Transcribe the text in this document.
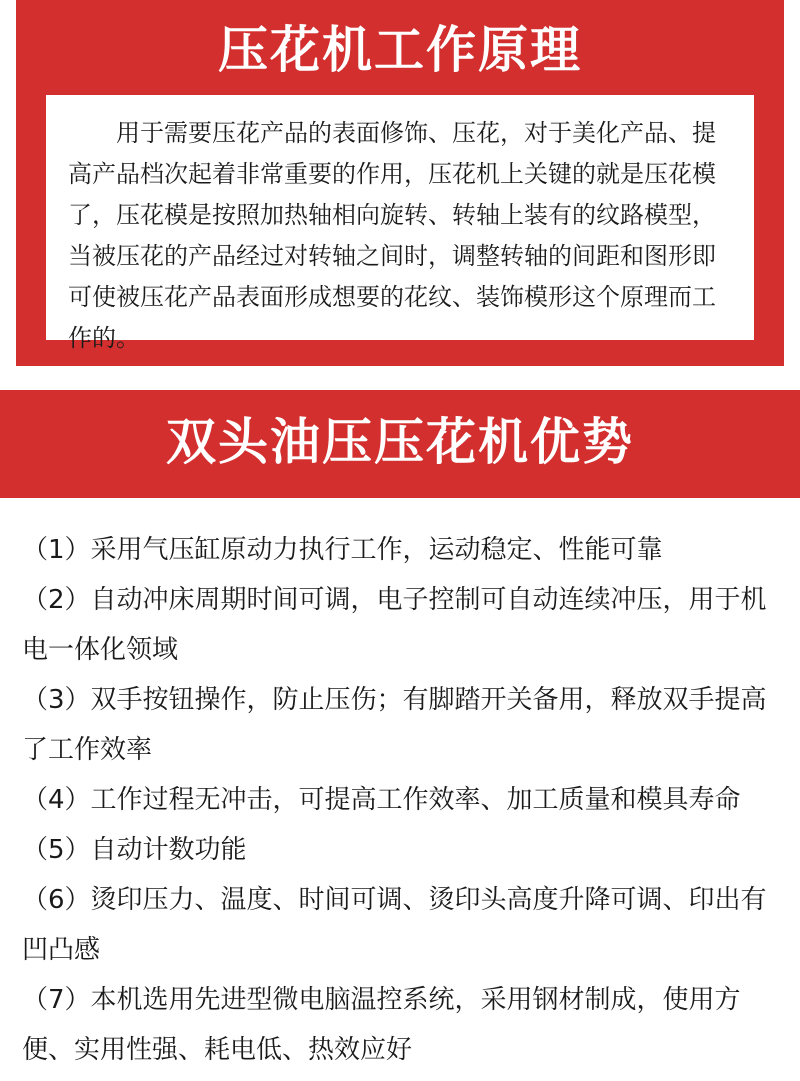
压花机工作原理

用于需要压花产品的表面修饰、压花，对于美化产品、提高产品档次起着非常重要的作用，压花机上关键的就是压花模了，压花模是按照加热轴相向旋转、转轴上装有的纹路模型，当被压花的产品经过对转轴之间时，调整转轴的间距和图形即可使被压花产品表面形成想要的花纹、装饰模形这个原理而工作的。

双头油压压花机优势
（1）采用气压缸原动力执行工作，运动稳定、性能可靠
（2）自动冲床周期时间可调，电子控制可自动连续冲压，用于机电一体化领域
（3）双手按钮操作，防止压伤；有脚踏开关备用，释放双手提高了工作效率
（4）工作过程无冲击，可提高工作效率、加工质量和模具寿命
（5）自动计数功能
（6）烫印压力、温度、时间可调、烫印头高度升降可调、印出有凹凸感
（7）本机选用先进型微电脑温控系统，采用钢材制成，使用方便、实用性强、耗电低、热效应好
